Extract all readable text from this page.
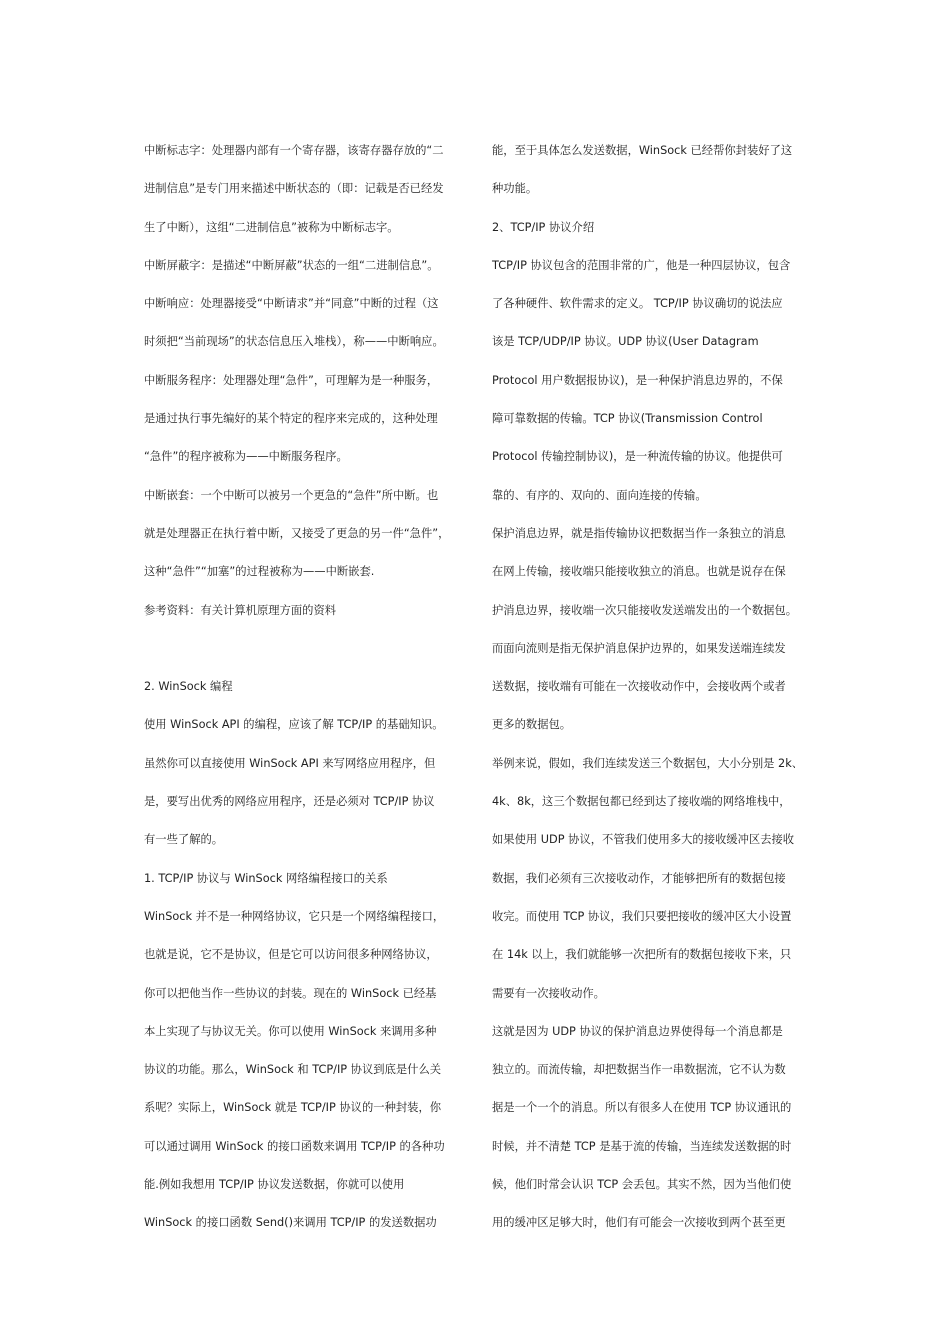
中断标志字：处理器内部有一个寄存器，该寄存器存放的“二
进制信息”是专门用来描述中断状态的（即：记载是否已经发
生了中断），这组“二进制信息”被称为中断标志字。
中断屏蔽字：是描述“中断屏蔽”状态的一组“二进制信息”。
中断响应：处理器接受“中断请求”并“同意”中断的过程（这
时须把“当前现场”的状态信息压入堆栈），称——中断响应。
中断服务程序：处理器处理“急件”，可理解为是一种服务，
是通过执行事先编好的某个特定的程序来完成的，这种处理
“急件”的程序被称为——中断服务程序。
中断嵌套：一个中断可以被另一个更急的“急件”所中断。也
就是处理器正在执行着中断，又接受了更急的另一件“急件”，
这种“急件”“加塞”的过程被称为——中断嵌套.
参考资料：有关计算机原理方面的资料
2. WinSock 编程
使用 WinSock API 的编程，应该了解 TCP/IP 的基础知识。
虽然你可以直接使用 WinSock API 来写网络应用程序，但
是，要写出优秀的网络应用程序，还是必须对 TCP/IP 协议
有一些了解的。
1. TCP/IP 协议与 WinSock 网络编程接口的关系
WinSock 并不是一种网络协议，它只是一个网络编程接口，
也就是说，它不是协议，但是它可以访问很多种网络协议，
你可以把他当作一些协议的封装。现在的 WinSock 已经基
本上实现了与协议无关。你可以使用 WinSock 来调用多种
协议的功能。那么，WinSock 和 TCP/IP 协议到底是什么关
系呢？实际上，WinSock 就是 TCP/IP 协议的一种封装，你
可以通过调用 WinSock 的接口函数来调用 TCP/IP 的各种功
能.例如我想用 TCP/IP 协议发送数据，你就可以使用
WinSock 的接口函数 Send()来调用 TCP/IP 的发送数据功
能，至于具体怎么发送数据，WinSock 已经帮你封装好了这
种功能。
2、TCP/IP 协议介绍
TCP/IP 协议包含的范围非常的广，他是一种四层协议，包含
了各种硬件、软件需求的定义。 TCP/IP 协议确切的说法应
该是 TCP/UDP/IP 协议。UDP 协议(User Datagram
Protocol 用户数据报协议)，是一种保护消息边界的，不保
障可靠数据的传输。TCP 协议(Transmission Control
Protocol 传输控制协议)，是一种流传输的协议。他提供可
靠的、有序的、双向的、面向连接的传输。
保护消息边界，就是指传输协议把数据当作一条独立的消息
在网上传输，接收端只能接收独立的消息。也就是说存在保
护消息边界，接收端一次只能接收发送端发出的一个数据包。
而面向流则是指无保护消息保护边界的，如果发送端连续发
送数据，接收端有可能在一次接收动作中，会接收两个或者
更多的数据包。
举例来说，假如，我们连续发送三个数据包，大小分别是 2k、
4k、8k，这三个数据包都已经到达了接收端的网络堆栈中，
如果使用 UDP 协议，不管我们使用多大的接收缓冲区去接收
数据，我们必须有三次接收动作，才能够把所有的数据包接
收完。而使用 TCP 协议，我们只要把接收的缓冲区大小设置
在 14k 以上，我们就能够一次把所有的数据包接收下来，只
需要有一次接收动作。
这就是因为 UDP 协议的保护消息边界使得每一个消息都是
独立的。而流传输，却把数据当作一串数据流，它不认为数
据是一个一个的消息。所以有很多人在使用 TCP 协议通讯的
时候，并不清楚 TCP 是基于流的传输，当连续发送数据的时
候，他们时常会认识 TCP 会丢包。其实不然，因为当他们使
用的缓冲区足够大时，他们有可能会一次接收到两个甚至更
